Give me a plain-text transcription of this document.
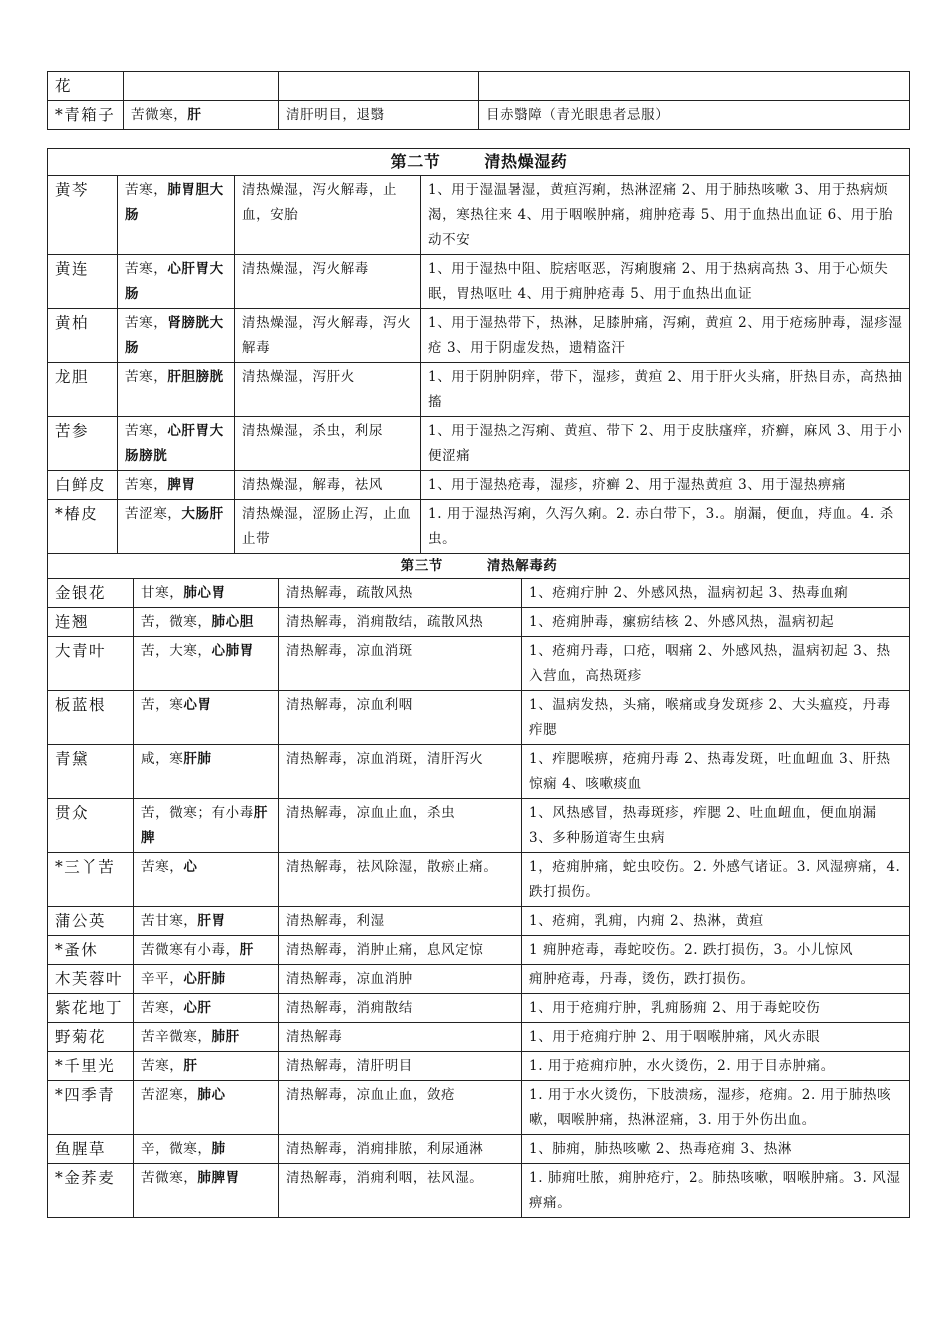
花			
*青箱子	苦微寒，肝	清肝明目，退翳	目赤翳障（青光眼患者忌服）
第二节 清热燥湿药			
黄芩	苦寒，肺胃胆大肠	清热燥湿，泻火解毒，止血，安胎	1、用于湿温暑湿，黄疸泻痢，热淋涩痛 2、用于肺热咳嗽 3、用于热病烦渴，寒热往来 4、用于咽喉肿痛，痈肿疮毒 5、用于血热出血证 6、用于胎动不安
黄连	苦寒，心肝胃大肠	清热燥湿，泻火解毒	1、用于湿热中阻、脘痞呕恶，泻痢腹痛 2、用于热病高热 3、用于心烦失眠，胃热呕吐 4、用于痈肿疮毒 5、用于血热出血证
黄柏	苦寒，肾膀胱大肠	清热燥湿，泻火解毒，泻火解毒	1、用于湿热带下，热淋，足膝肿痛，泻痢，黄疸 2、用于疮疡肿毒，湿疹湿疮 3、用于阴虚发热，遗精盗汗
龙胆	苦寒，肝胆膀胱	清热燥湿，泻肝火	1、用于阴肿阴痒，带下，湿疹，黄疸 2、用于肝火头痛，肝热目赤，高热抽搐
苦参	苦寒，心肝胃大肠膀胱	清热燥湿，杀虫，利尿	1、用于湿热之泻痢、黄疸、带下 2、用于皮肤瘙痒，疥癣，麻风 3、用于小便涩痛
白鲜皮	苦寒，脾胃	清热燥湿，解毒，祛风	1、用于湿热疮毒，湿疹，疥癣 2、用于湿热黄疸 3、用于湿热痹痛
*椿皮	苦涩寒，大肠肝	清热燥湿，涩肠止泻，止血止带	1. 用于湿热泻痢，久泻久痢。2. 赤白带下，3.。崩漏，便血，痔血。4. 杀虫。
第三节 清热解毒药			
金银花	甘寒，肺心胃	清热解毒，疏散风热	1、疮痈疔肿 2、外感风热，温病初起 3、热毒血痢
连翘	苦，微寒，肺心胆	清热解毒，消痈散结，疏散风热	1、疮痈肿毒，瘰疬结核 2、外感风热，温病初起
大青叶	苦，大寒，心肺胃	清热解毒，凉血消斑	1、疮痈丹毒，口疮，咽痛 2、外感风热，温病初起 3、热入营血，高热斑疹
板蓝根	苦，寒心胃	清热解毒，凉血利咽	1、温病发热，头痛，喉痛或身发斑疹 2、大头瘟疫，丹毒痄腮
青黛	咸，寒肝肺	清热解毒，凉血消斑，清肝泻火	1、痄腮喉痹，疮痈丹毒 2、热毒发斑，吐血衄血 3、肝热惊痫 4、咳嗽痰血
贯众	苦，微寒；有小毒肝脾	清热解毒，凉血止血，杀虫	1、风热感冒，热毒斑疹，痄腮 2、吐血衄血，便血崩漏 3、多种肠道寄生虫病
*三丫苦	苦寒，心	清热解毒，祛风除湿，散瘀止痛。	1，疮痈肿痛，蛇虫咬伤。2. 外感气诸证。3. 风湿痹痛，4. 跌打损伤。
蒲公英	苦甘寒，肝胃	清热解毒，利湿	1、疮痈，乳痈，内痈 2、热淋，黄疸
*蚤休	苦微寒有小毒，肝	清热解毒，消肿止痛，息风定惊	1 痈肿疮毒，毒蛇咬伤。2. 跌打损伤，3。小儿惊风
木芙蓉叶	辛平，心肝肺	清热解毒，凉血消肿	痈肿疮毒，丹毒，烫伤，跌打损伤。
紫花地丁	苦寒，心肝	清热解毒，消痈散结	1、用于疮痈疔肿，乳痈肠痈 2、用于毒蛇咬伤
野菊花	苦辛微寒，肺肝	清热解毒	1、用于疮痈疔肿 2、用于咽喉肿痛，风火赤眼
*千里光	苦寒，肝	清热解毒，清肝明目	1. 用于疮痈疖肿，水火烫伤，2. 用于目赤肿痛。
*四季青	苦涩寒，肺心	清热解毒，凉血止血，敛疮	1. 用于水火烫伤，下肢溃疡，湿疹，疮痈。2. 用于肺热咳嗽，咽喉肿痛，热淋涩痛，3. 用于外伤出血。
鱼腥草	辛，微寒，肺	清热解毒，消痈排脓，利尿通淋	1、肺痈，肺热咳嗽 2、热毒疮痈 3、热淋
*金荞麦	苦微寒，肺脾胃	清热解毒，消痈利咽，祛风湿。	1. 肺痈吐脓，痈肿疮疔，2。肺热咳嗽，咽喉肿痛。3. 风湿痹痛。
